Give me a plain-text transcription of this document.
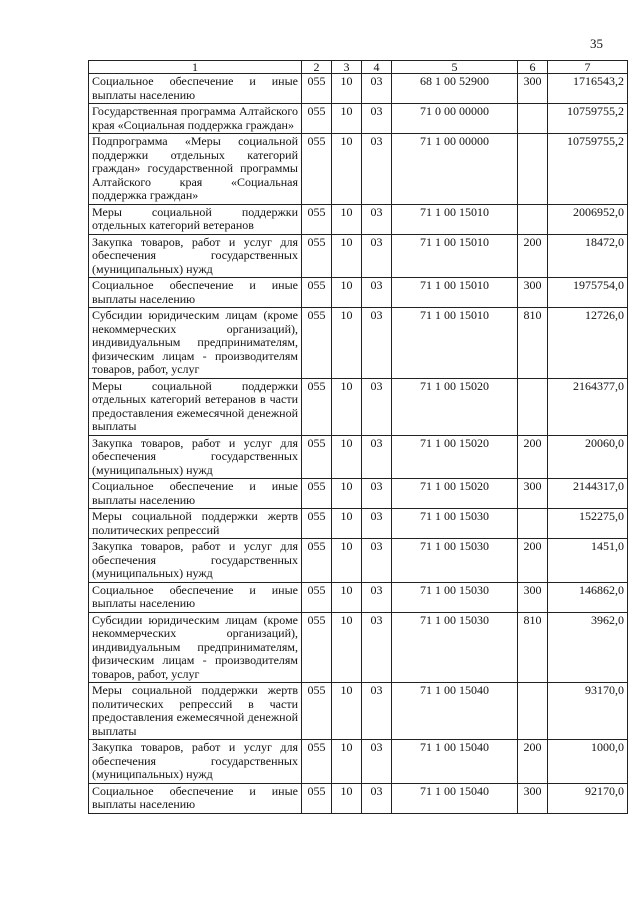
35
1	2	3	4	5	6	7
Социальное обеспечение и иные выплаты населению	055	10	03	68 1 00 52900	300	1716543,2
Государственная программа Алтайского края «Социальная поддержка граждан»	055	10	03	71 0 00 00000		10759755,2
Подпрограмма «Меры социальной поддержки отдельных категорий граждан» государственной программы Алтайского края «Социальная поддержка граждан»	055	10	03	71 1 00 00000		10759755,2
Меры социальной поддержки отдельных категорий ветеранов	055	10	03	71 1 00 15010		2006952,0
Закупка товаров, работ и услуг для обеспечения государственных (муниципальных) нужд	055	10	03	71 1 00 15010	200	18472,0
Социальное обеспечение и иные выплаты населению	055	10	03	71 1 00 15010	300	1975754,0
Субсидии юридическим лицам (кроме некоммерческих организаций), индивидуальным предпринимателям, физическим лицам - производителям товаров, работ, услуг	055	10	03	71 1 00 15010	810	12726,0
Меры социальной поддержки отдельных категорий ветеранов в части предоставления ежемесячной денежной выплаты	055	10	03	71 1 00 15020		2164377,0
Закупка товаров, работ и услуг для обеспечения государственных (муниципальных) нужд	055	10	03	71 1 00 15020	200	20060,0
Социальное обеспечение и иные выплаты населению	055	10	03	71 1 00 15020	300	2144317,0
Меры социальной поддержки жертв политических репрессий	055	10	03	71 1 00 15030		152275,0
Закупка товаров, работ и услуг для обеспечения государственных (муниципальных) нужд	055	10	03	71 1 00 15030	200	1451,0
Социальное обеспечение и иные выплаты населению	055	10	03	71 1 00 15030	300	146862,0
Субсидии юридическим лицам (кроме некоммерческих организаций), индивидуальным предпринимателям, физическим лицам - производителям товаров, работ, услуг	055	10	03	71 1 00 15030	810	3962,0
Меры социальной поддержки жертв политических репрессий в части предоставления ежемесячной денежной выплаты	055	10	03	71 1 00 15040		93170,0
Закупка товаров, работ и услуг для обеспечения государственных (муниципальных) нужд	055	10	03	71 1 00 15040	200	1000,0
Социальное обеспечение и иные выплаты населению	055	10	03	71 1 00 15040	300	92170,0
